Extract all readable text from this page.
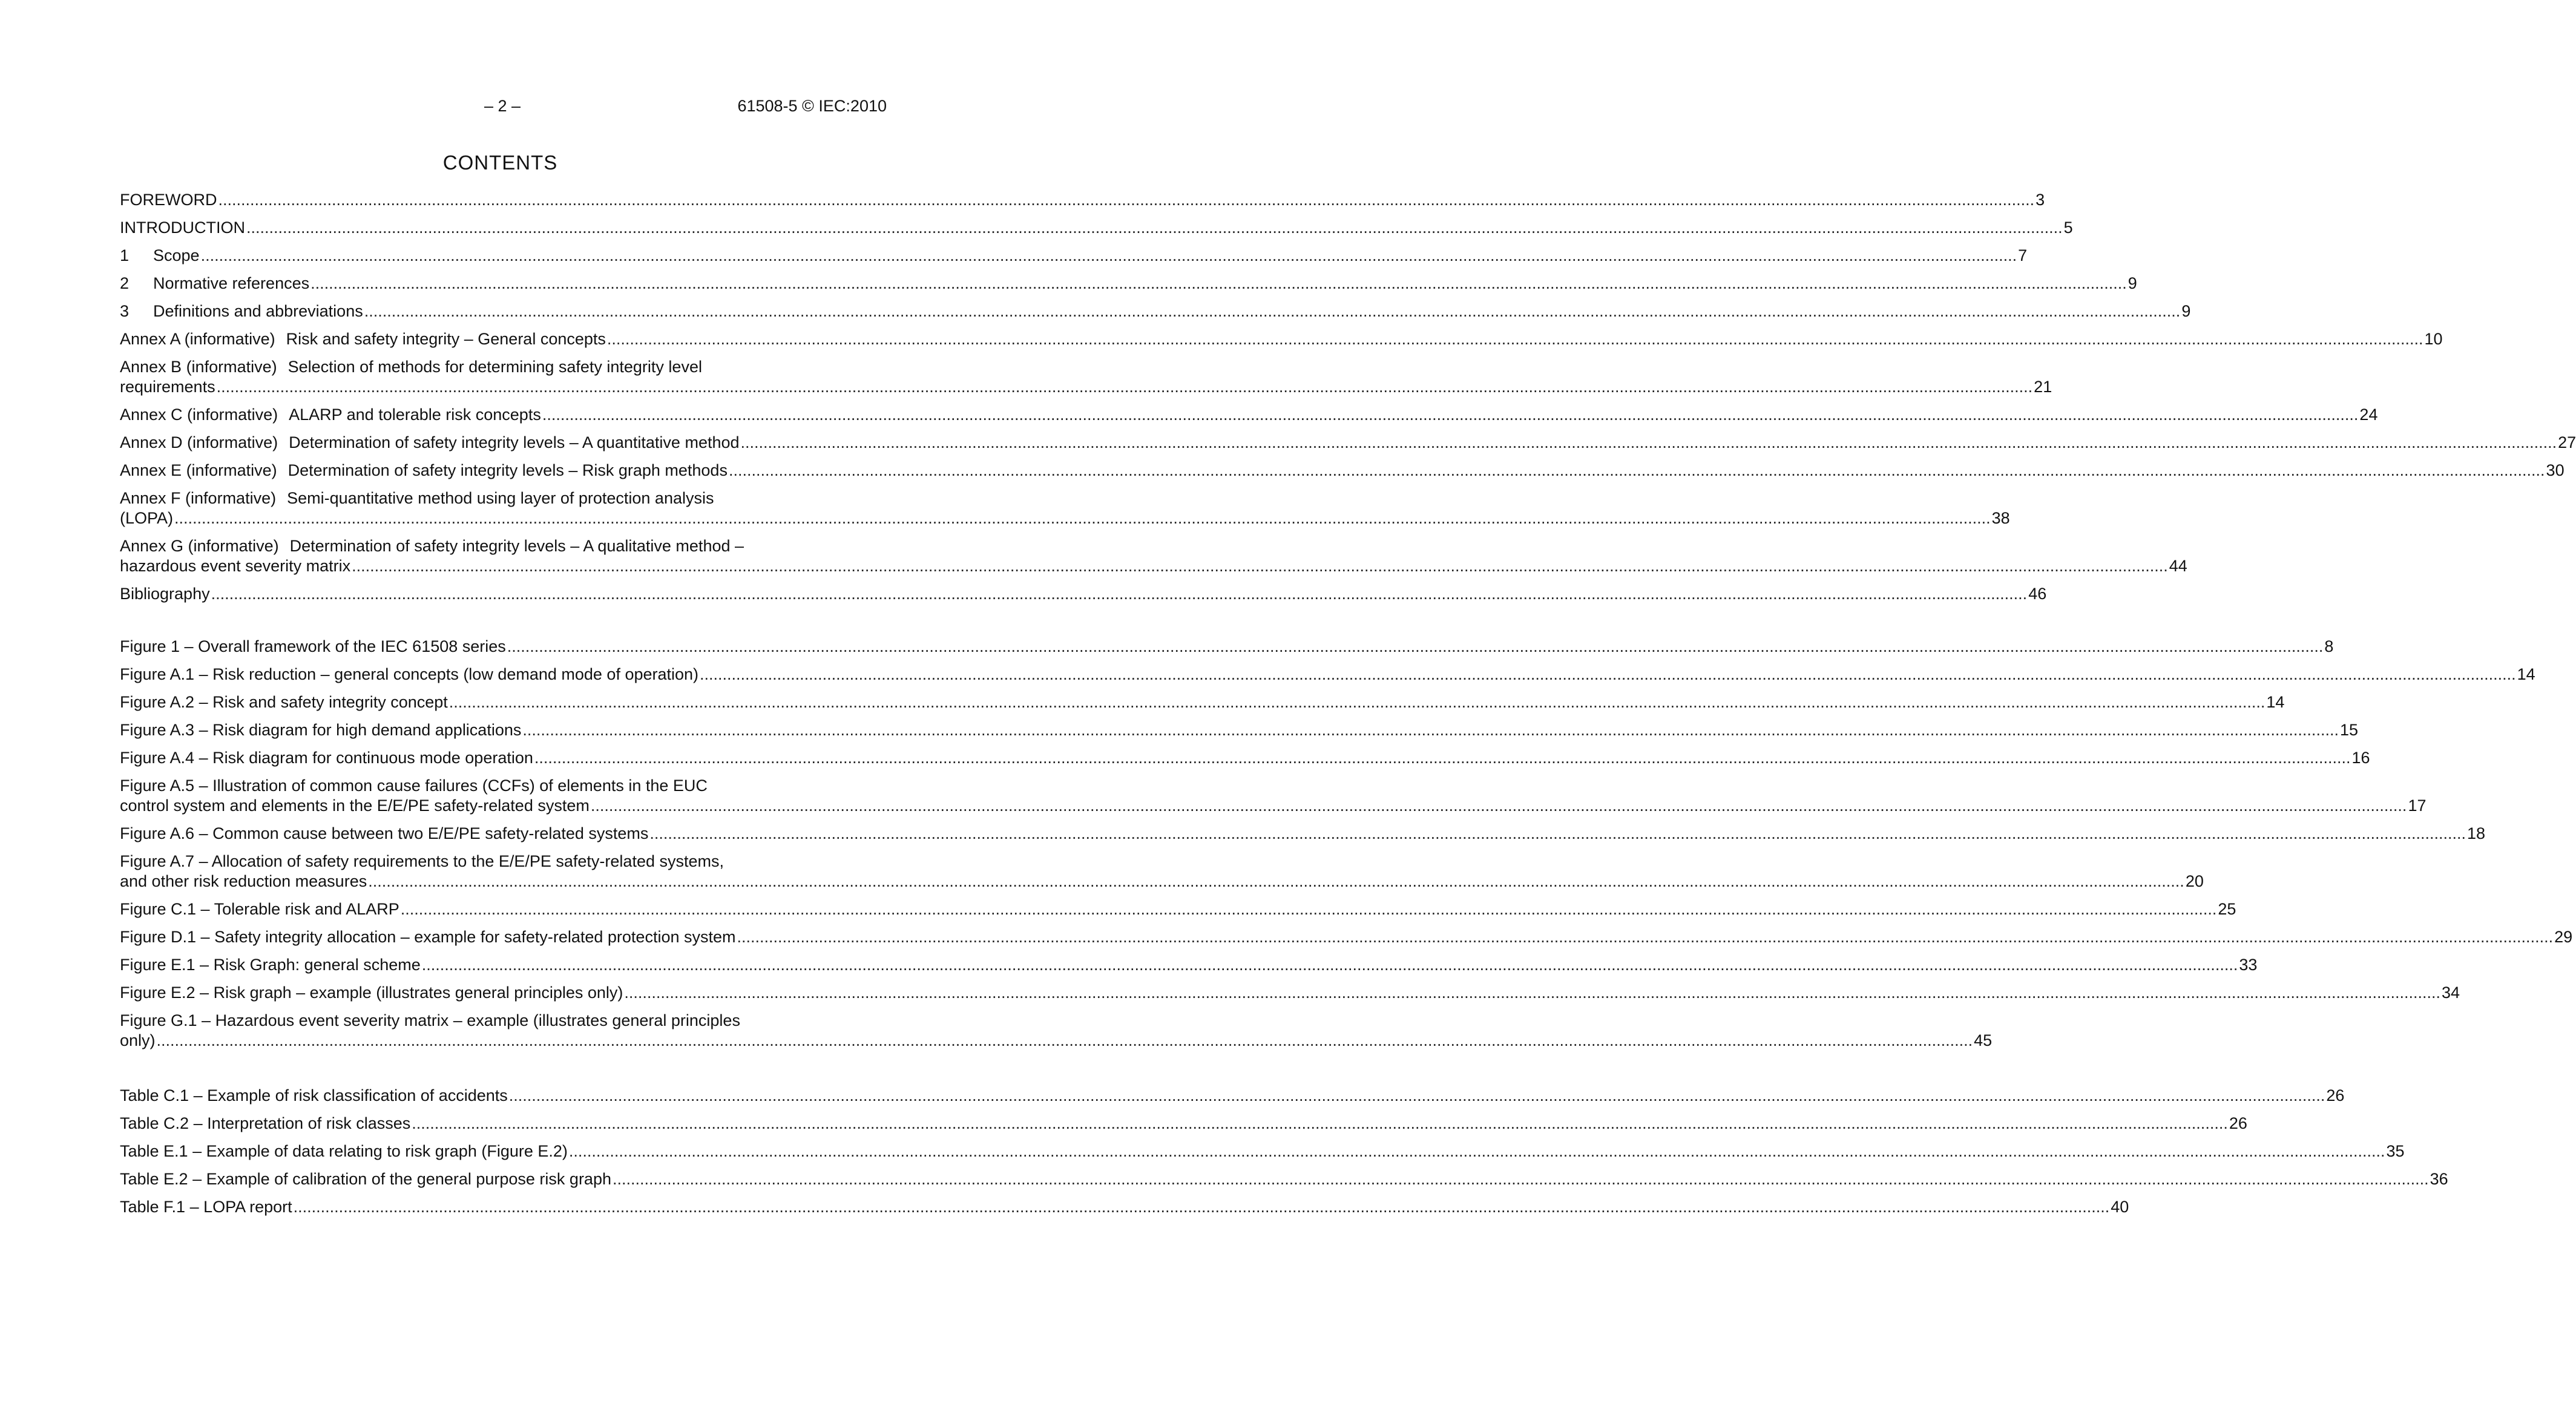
– 2 –	61508-5 © IEC:2010
CONTENTS
FOREWORD ................................................................................................................................................................................................................................................................................................................................................................................................................ 3
INTRODUCTION ................................................................................................................................................................................................................................................................................................................................................................................................................ 5
1 Scope ................................................................................................................................................................................................................................................................................................................................................................................................................ 7
2 Normative references ................................................................................................................................................................................................................................................................................................................................................................................................................ 9
3 Definitions and abbreviations ................................................................................................................................................................................................................................................................................................................................................................................................................ 9
Annex A (informative) Risk and safety integrity – General concepts ................................................................................................................................................................................................................................................................................................................................................................................................................ 10
Annex B (informative) Selection of methods for determining safety integrity level
requirements ................................................................................................................................................................................................................................................................................................................................................................................................................ 21
Annex C (informative) ALARP and tolerable risk concepts ................................................................................................................................................................................................................................................................................................................................................................................................................ 24
Annex D (informative) Determination of safety integrity levels – A quantitative method ................................................................................................................................................................................................................................................................................................................................................................................................................ 27
Annex E (informative) Determination of safety integrity levels – Risk graph methods ................................................................................................................................................................................................................................................................................................................................................................................................................ 30
Annex F (informative) Semi-quantitative method using layer of protection analysis
(LOPA) ................................................................................................................................................................................................................................................................................................................................................................................................................ 38
Annex G (informative) Determination of safety integrity levels – A qualitative method –
hazardous event severity matrix ................................................................................................................................................................................................................................................................................................................................................................................................................ 44
Bibliography ................................................................................................................................................................................................................................................................................................................................................................................................................ 46
Figure 1 – Overall framework of the IEC 61508 series ................................................................................................................................................................................................................................................................................................................................................................................................................ 8
Figure A.1 – Risk reduction – general concepts (low demand mode of operation) ................................................................................................................................................................................................................................................................................................................................................................................................................ 14
Figure A.2 – Risk and safety integrity concept ................................................................................................................................................................................................................................................................................................................................................................................................................ 14
Figure A.3 – Risk diagram for high demand applications ................................................................................................................................................................................................................................................................................................................................................................................................................ 15
Figure A.4 – Risk diagram for continuous mode operation ................................................................................................................................................................................................................................................................................................................................................................................................................ 16
Figure A.5 – Illustration of common cause failures (CCFs) of elements in the EUC
control system and elements in the E/E/PE safety-related system ................................................................................................................................................................................................................................................................................................................................................................................................................ 17
Figure A.6 – Common cause between two E/E/PE safety-related systems ................................................................................................................................................................................................................................................................................................................................................................................................................ 18
Figure A.7 – Allocation of safety requirements to the E/E/PE safety-related systems,
and other risk reduction measures ................................................................................................................................................................................................................................................................................................................................................................................................................ 20
Figure C.1 – Tolerable risk and ALARP ................................................................................................................................................................................................................................................................................................................................................................................................................ 25
Figure D.1 – Safety integrity allocation – example for safety-related protection system ................................................................................................................................................................................................................................................................................................................................................................................................................ 29
Figure E.1 – Risk Graph: general scheme ................................................................................................................................................................................................................................................................................................................................................................................................................ 33
Figure E.2 – Risk graph – example (illustrates general principles only) ................................................................................................................................................................................................................................................................................................................................................................................................................ 34
Figure G.1 – Hazardous event severity matrix – example (illustrates general principles
only) ................................................................................................................................................................................................................................................................................................................................................................................................................ 45
Table C.1 – Example of risk classification of accidents ................................................................................................................................................................................................................................................................................................................................................................................................................ 26
Table C.2 – Interpretation of risk classes ................................................................................................................................................................................................................................................................................................................................................................................................................ 26
Table E.1 – Example of data relating to risk graph (Figure E.2) ................................................................................................................................................................................................................................................................................................................................................................................................................ 35
Table E.2 – Example of calibration of the general purpose risk graph ................................................................................................................................................................................................................................................................................................................................................................................................................ 36
Table F.1 – LOPA report ................................................................................................................................................................................................................................................................................................................................................................................................................ 40
